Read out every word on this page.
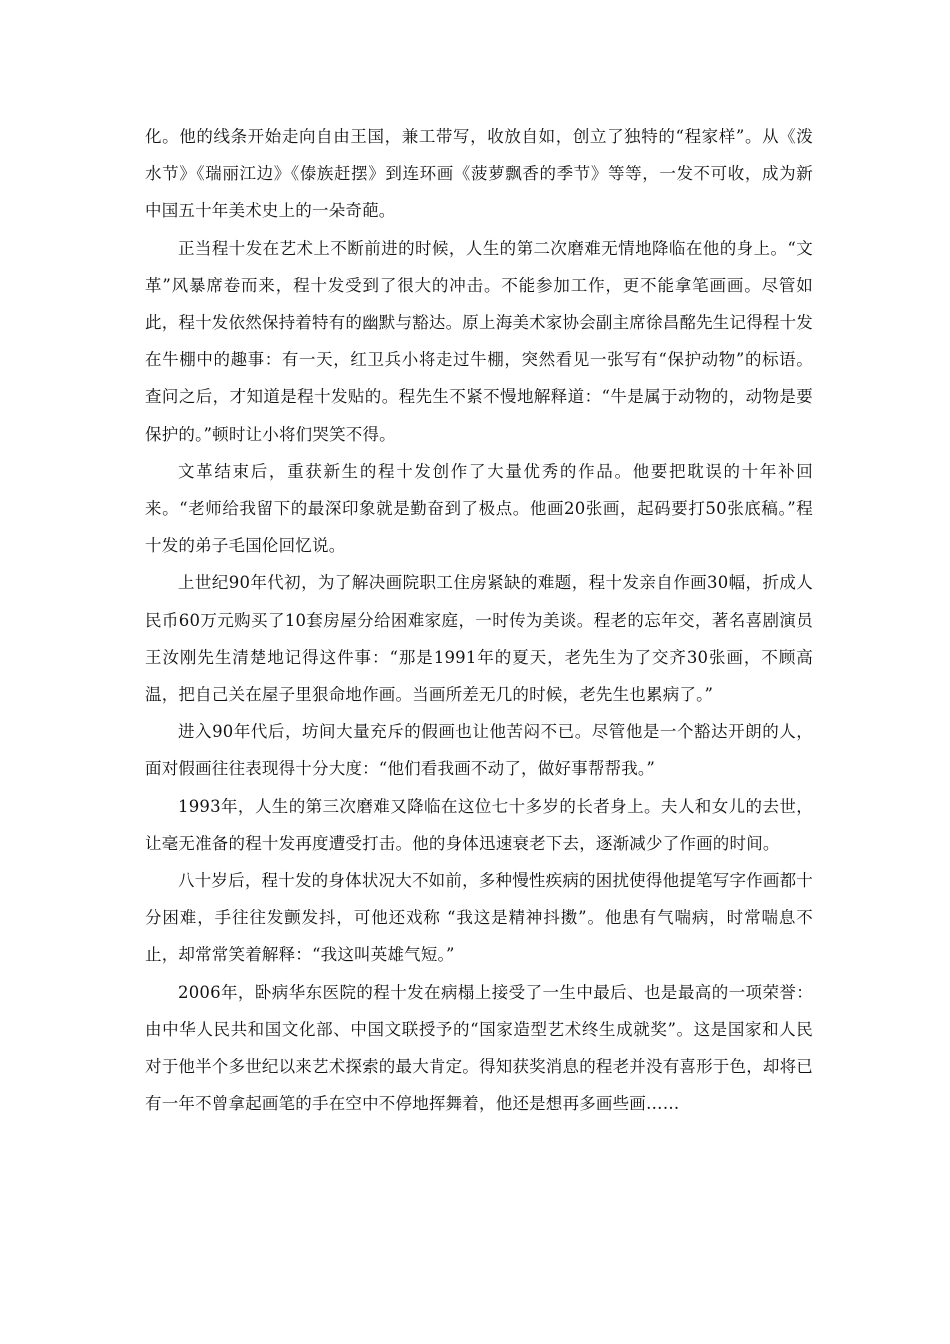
化。他的线条开始走向自由王国，兼工带写，收放自如，创立了独特的“程家样”。从《泼水节》《瑞丽江边》《傣族赶摆》到连环画《菠萝飘香的季节》等等，一发不可收，成为新中国五十年美术史上的一朵奇葩。

正当程十发在艺术上不断前进的时候，人生的第二次磨难无情地降临在他的身上。“文革”风暴席卷而来，程十发受到了很大的冲击。不能参加工作，更不能拿笔画画。尽管如此，程十发依然保持着特有的幽默与豁达。原上海美术家协会副主席徐昌酩先生记得程十发在牛棚中的趣事：有一天，红卫兵小将走过牛棚，突然看见一张写有“保护动物”的标语。查问之后，才知道是程十发贴的。程先生不紧不慢地解释道：“牛是属于动物的，动物是要保护的。”顿时让小将们哭笑不得。

文革结束后，重获新生的程十发创作了大量优秀的作品。他要把耽误的十年补回来。“老师给我留下的最深印象就是勤奋到了极点。他画20张画，起码要打50张底稿。”程十发的弟子毛国伦回忆说。

上世纪90年代初，为了解决画院职工住房紧缺的难题，程十发亲自作画30幅，折成人民币60万元购买了10套房屋分给困难家庭，一时传为美谈。程老的忘年交，著名喜剧演员王汝刚先生清楚地记得这件事：“那是1991年的夏天，老先生为了交齐30张画，不顾高温，把自己关在屋子里狠命地作画。当画所差无几的时候，老先生也累病了。”

进入90年代后，坊间大量充斥的假画也让他苦闷不已。尽管他是一个豁达开朗的人，面对假画往往表现得十分大度：“他们看我画不动了，做好事帮帮我。”

1993年，人生的第三次磨难又降临在这位七十多岁的长者身上。夫人和女儿的去世，让毫无准备的程十发再度遭受打击。他的身体迅速衰老下去，逐渐减少了作画的时间。

八十岁后，程十发的身体状况大不如前，多种慢性疾病的困扰使得他提笔写字作画都十分困难，手往往发颤发抖，可他还戏称 “我这是精神抖擞”。他患有气喘病，时常喘息不止，却常常笑着解释：“我这叫英雄气短。”

2006年，卧病华东医院的程十发在病榻上接受了一生中最后、也是最高的一项荣誉：由中华人民共和国文化部、中国文联授予的“国家造型艺术终生成就奖”。这是国家和人民对于他半个多世纪以来艺术探索的最大肯定。得知获奖消息的程老并没有喜形于色，却将已有一年不曾拿起画笔的手在空中不停地挥舞着，他还是想再多画些画……
